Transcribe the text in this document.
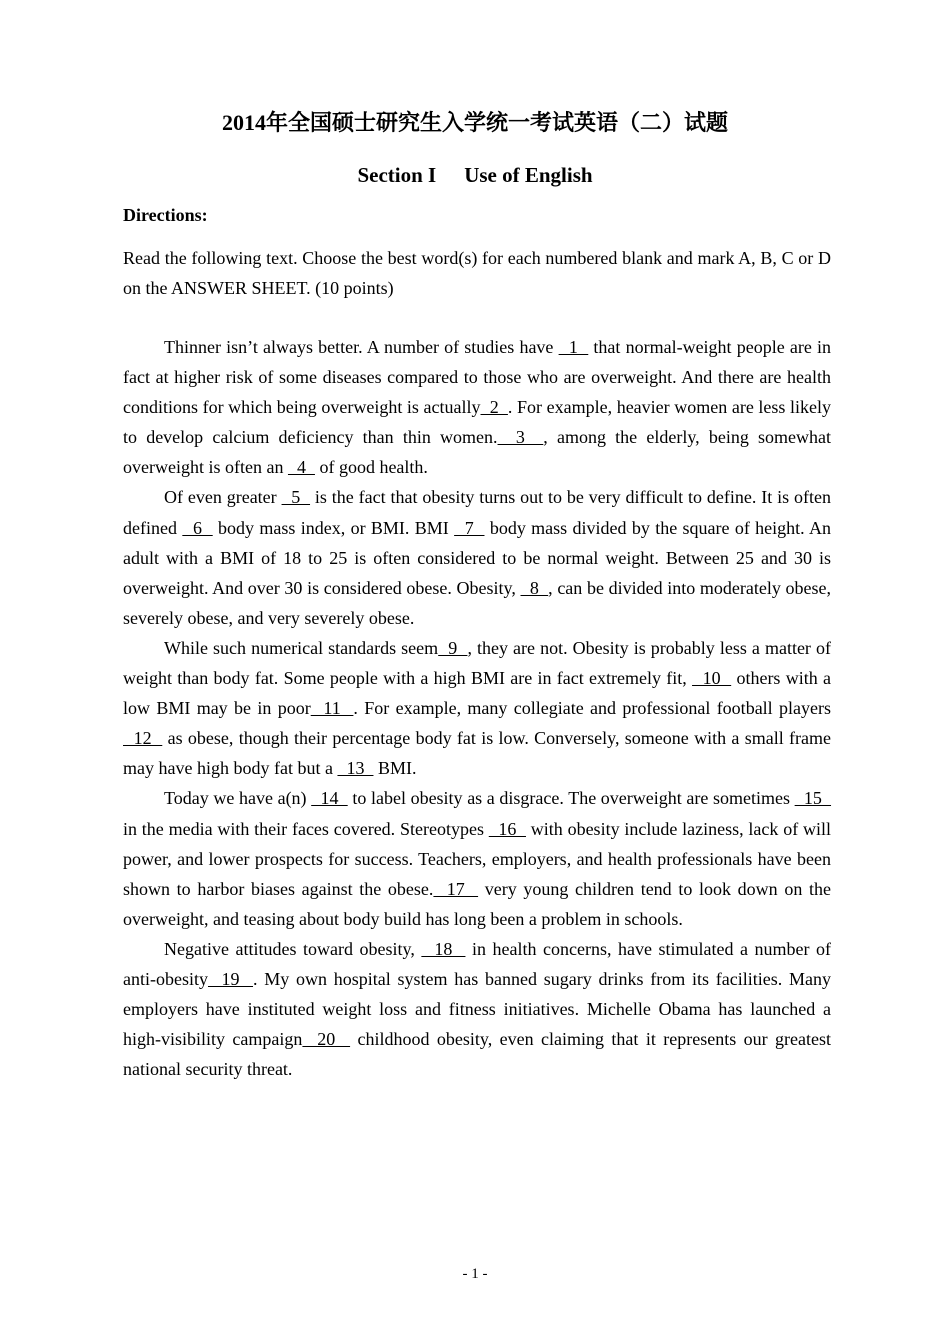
2014年全国硕士研究生入学统一考试英语（二）试题
Section I Use of English
Directions:
Read the following text. Choose the best word(s) for each numbered blank and mark A, B, C or D on the ANSWER SHEET. (10 points)

Thinner isn’t always better. A number of studies have   1   that normal-weight people are in fact at higher risk of some diseases compared to those who are overweight. And there are health conditions for which being overweight is actually  2  . For example, heavier women are less likely to develop calcium deficiency than thin women.  3  , among the elderly, being somewhat overweight is often an   4   of good health.

Of even greater   5   is the fact that obesity turns out to be very difficult to define. It is often defined   6   body mass index, or BMI. BMI   7   body mass divided by the square of height. An adult with a BMI of 18 to 25 is often considered to be normal weight. Between 25 and 30 is overweight. And over 30 is considered obese. Obesity,   8  , can be divided into moderately obese, severely obese, and very severely obese.

While such numerical standards seem  9  , they are not. Obesity is probably less a matter of weight than body fat. Some people with a high BMI are in fact extremely fit,   10   others with a low BMI may be in poor  11  . For example, many collegiate and professional football players   12   as obese, though their percentage body fat is low. Conversely, someone with a small frame may have high body fat but a   13   BMI.

Today we have a(n)   14   to label obesity as a disgrace. The overweight are sometimes   15   in the media with their faces covered. Stereotypes   16   with obesity include laziness, lack of will power, and lower prospects for success. Teachers, employers, and health professionals have been shown to harbor biases against the obese.  17   very young children tend to look down on the overweight, and teasing about body build has long been a problem in schools.

Negative attitudes toward obesity,   18   in health concerns, have stimulated a number of anti-obesity  19  . My own hospital system has banned sugary drinks from its facilities. Many employers have instituted weight loss and fitness initiatives. Michelle Obama has launched a high-visibility campaign  20   childhood obesity, even claiming that it represents our greatest national security threat.

- 1 -
